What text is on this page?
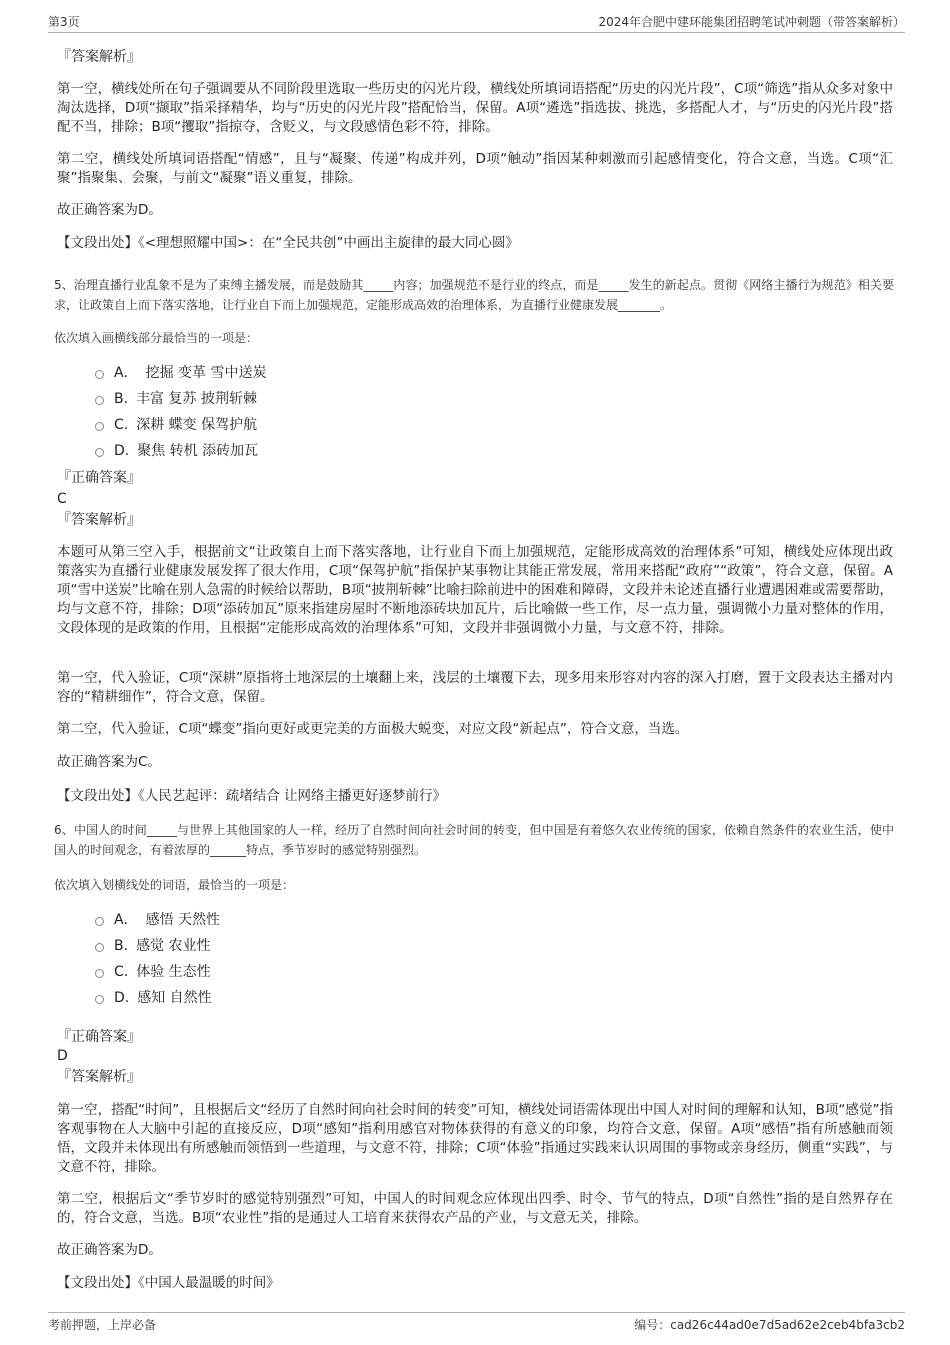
第3页	2024年合肥中建环能集团招聘笔试冲刺题（带答案解析）
『答案解析』

第一空，横线处所在句子强调要从不同阶段里选取一些历史的闪光片段，横线处所填词语搭配“历史的闪光片段”，C项“筛选”指从众多对象中淘汰选择，D项“撷取”指采择精华，均与“历史的闪光片段”搭配恰当，保留。A项“遴选”指选拔、挑选，多搭配人才，与“历史的闪光片段”搭配不当，排除；B项“攫取”指掠夺，含贬义，与文段感情色彩不符，排除。

第二空，横线处所填词语搭配“情感”，且与“凝聚、传递”构成并列，D项“触动”指因某种刺激而引起感情变化，符合文意，当选。C项“汇聚”指聚集、会聚，与前文“凝聚”语义重复，排除。

故正确答案为D。

【文段出处】《<理想照耀中国>：在“全民共创”中画出主旋律的最大同心圆》

5、治理直播行业乱象不是为了束缚主播发展，而是鼓励其_____内容；加强规范不是行业的终点，而是_____发生的新起点。贯彻《网络主播行为规范》相关要求，让政策自上而下落实落地，让行业自下而上加强规范，定能形成高效的治理体系，为直播行业健康发展_______。

依次填入画横线部分最恰当的一项是：

A． 挖掘 变革 雪中送炭
B. 丰富 复苏 披荆斩棘
C. 深耕 蝶变 保驾护航
D. 聚焦 转机 添砖加瓦
『正确答案』
C
『答案解析』

本题可从第三空入手，根据前文“让政策自上而下落实落地，让行业自下而上加强规范，定能形成高效的治理体系”可知，横线处应体现出政策落实为直播行业健康发展发挥了很大作用，C项“保驾护航”指保护某事物让其能正常发展，常用来搭配“政府”“政策”，符合文意，保留。A项“雪中送炭”比喻在别人急需的时候给以帮助，B项“披荆斩棘”比喻扫除前进中的困难和障碍，文段并未论述直播行业遭遇困难或需要帮助，均与文意不符，排除；D项“添砖加瓦”原来指建房屋时不断地添砖块加瓦片，后比喻做一些工作，尽一点力量，强调微小力量对整体的作用，文段体现的是政策的作用，且根据“定能形成高效的治理体系”可知，文段并非强调微小力量，与文意不符，排除。

第一空，代入验证，C项“深耕”原指将土地深层的土壤翻上来，浅层的土壤覆下去，现多用来形容对内容的深入打磨，置于文段表达主播对内容的“精耕细作”，符合文意，保留。

第二空，代入验证，C项“蝶变”指向更好或更完美的方面极大蜕变，对应文段“新起点”，符合文意，当选。

故正确答案为C。

【文段出处】《人民艺起评：疏堵结合 让网络主播更好逐梦前行》

6、中国人的时间_____与世界上其他国家的人一样，经历了自然时间向社会时间的转变，但中国是有着悠久农业传统的国家，依赖自然条件的农业生活，使中国人的时间观念，有着浓厚的______特点，季节岁时的感觉特别强烈。

依次填入划横线处的词语，最恰当的一项是：

A． 感悟 天然性
B. 感觉 农业性
C. 体验 生态性
D. 感知 自然性
『正确答案』
D
『答案解析』

第一空，搭配“时间”，且根据后文“经历了自然时间向社会时间的转变”可知，横线处词语需体现出中国人对时间的理解和认知，B项“感觉”指客观事物在人大脑中引起的直接反应，D项“感知”指利用感官对物体获得的有意义的印象，均符合文意，保留。A项“感悟”指有所感触而领悟，文段并未体现出有所感触而领悟到一些道理，与文意不符，排除；C项“体验”指通过实践来认识周围的事物或亲身经历，侧重“实践”，与文意不符，排除。

第二空，根据后文“季节岁时的感觉特别强烈”可知，中国人的时间观念应体现出四季、时令、节气的特点，D项“自然性”指的是自然界存在的，符合文意，当选。B项“农业性”指的是通过人工培育来获得农产品的产业，与文意无关，排除。

故正确答案为D。

【文段出处】《中国人最温暖的时间》

考前押题，上岸必备	编号：cad26c44ad0e7d5ad62e2ceb4bfa3cb2
